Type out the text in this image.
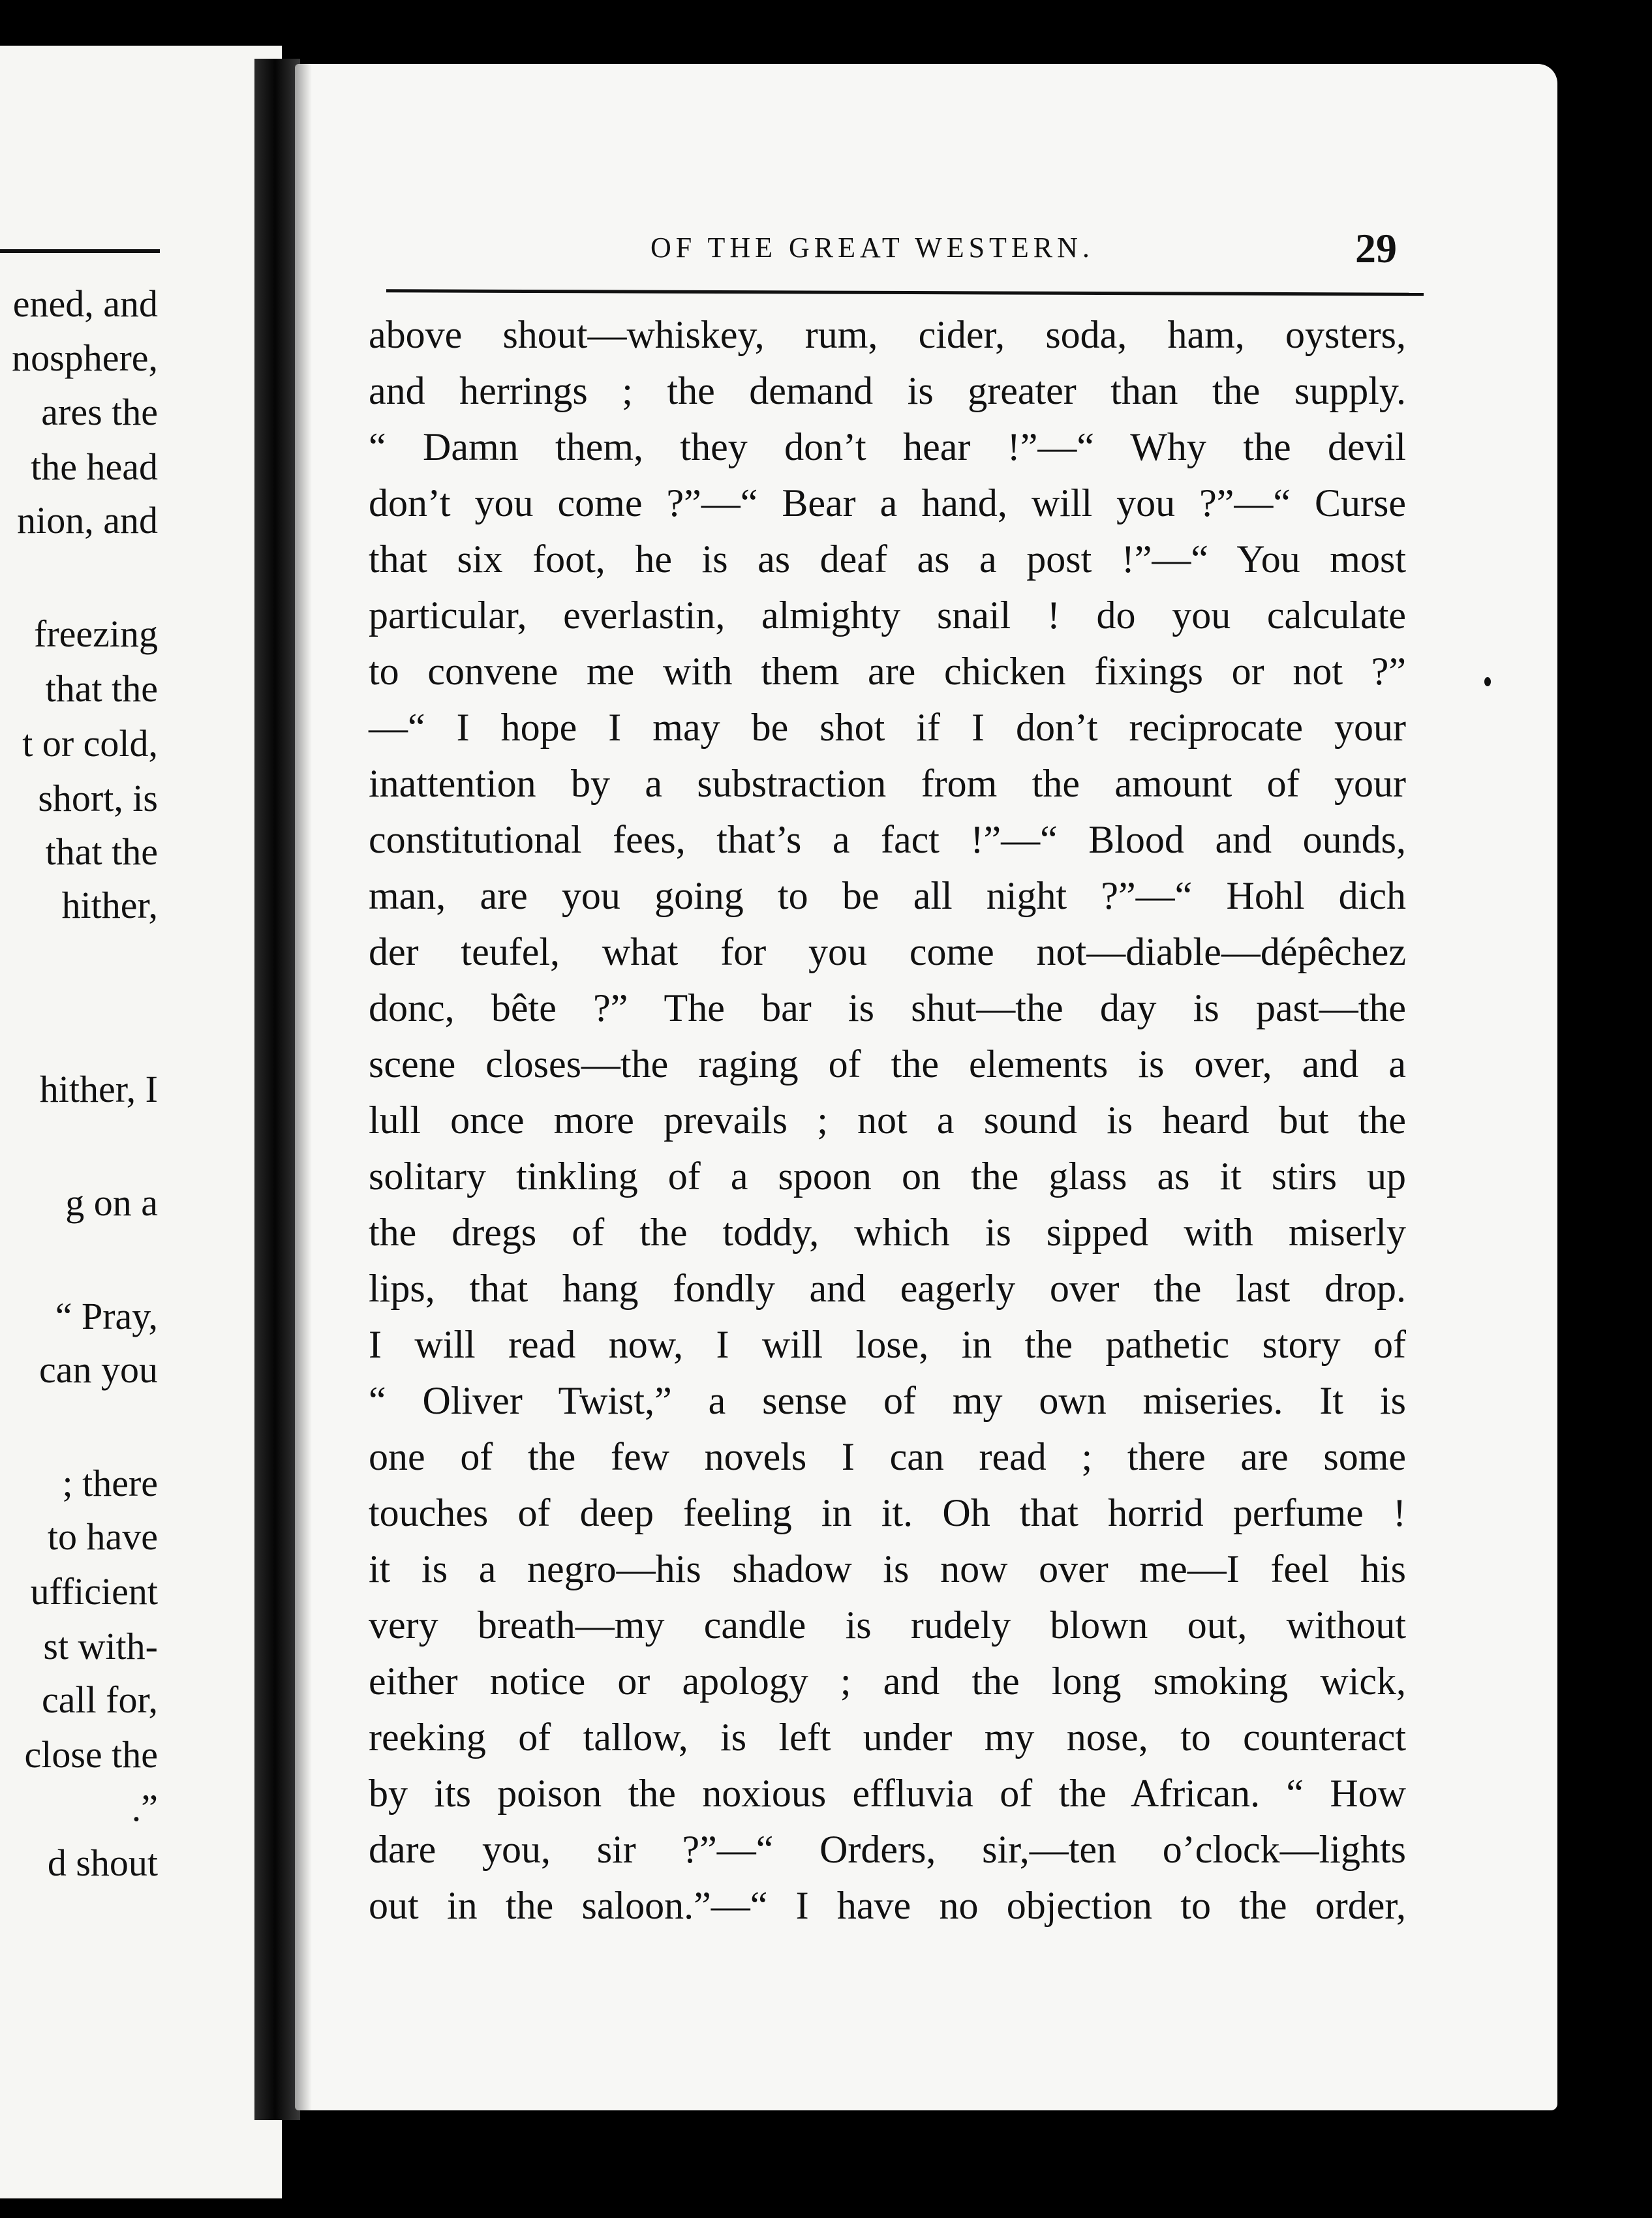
ened, and
nosphere,
ares the
the head
nion, and
freezing
that the
t or cold,
short, is
that the
hither,
hither, I
g on a
“ Pray,
can you
; there
to have
ufficient
st with-
call for,
close the
.”
d shout
OF THE GREAT WESTERN.	29
above shout—whiskey, rum, cider, soda, ham, oysters,
and herrings ; the demand is greater than the supply.
“ Damn them, they don’t hear !”—“ Why the devil
don’t you come ?”—“ Bear a hand, will you ?”—“ Curse
that six foot, he is as deaf as a post !”—“ You most
particular, everlastin, almighty snail ! do you calculate
to convene me with them are chicken fixings or not ?”
—“ I hope I may be shot if I don’t reciprocate your
inattention by a substraction from the amount of your
constitutional fees, that’s a fact !”—“ Blood and ounds,
man, are you going to be all night ?”—“ Hohl dich
der teufel, what for you come not—diable—dépêchez
donc, bête ?” The bar is shut—the day is past—the
scene closes—the raging of the elements is over, and a
lull once more prevails ; not a sound is heard but the
solitary tinkling of a spoon on the glass as it stirs up
the dregs of the toddy, which is sipped with miserly
lips, that hang fondly and eagerly over the last drop.
I will read now, I will lose, in the pathetic story of
“ Oliver Twist,” a sense of my own miseries. It is
one of the few novels I can read ; there are some
touches of deep feeling in it. Oh that horrid perfume !
it is a negro—his shadow is now over me—I feel his
very breath—my candle is rudely blown out, without
either notice or apology ; and the long smoking wick,
reeking of tallow, is left under my nose, to counteract
by its poison the noxious effluvia of the African. “ How
dare you, sir ?”—“ Orders, sir,—ten o’clock—lights
out in the saloon.”—“ I have no objection to the order,
